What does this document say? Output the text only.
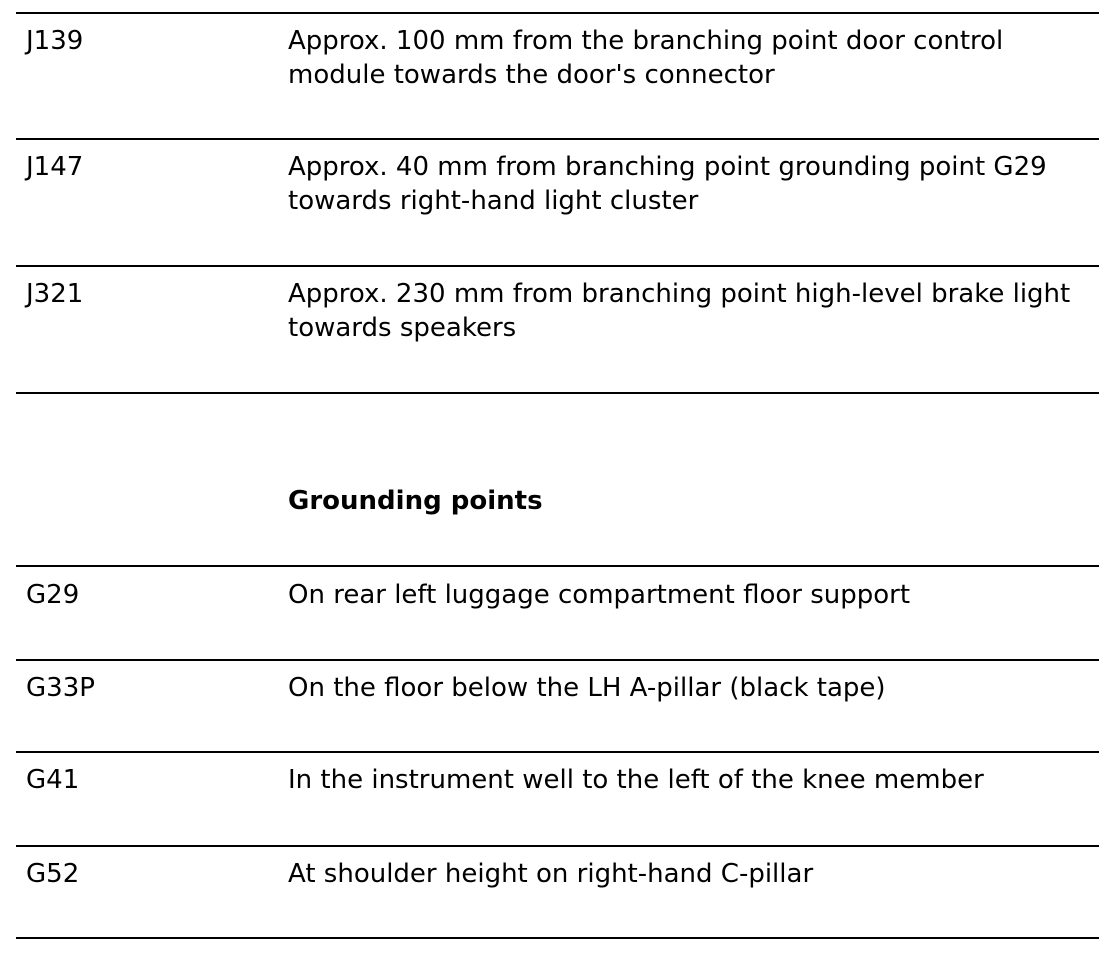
J139	Approx. 100 mm from the branching point door control module towards the door's connector
J147	Approx. 40 mm from branching point grounding point G29 towards right-hand light cluster
J321	Approx. 230 mm from branching point high-level brake light towards speakers
Grounding points
G29	On rear left luggage compartment floor support
G33P	On the floor below the LH A-pillar (black tape)
G41	In the instrument well to the left of the knee member
G52	At shoulder height on right-hand C-pillar
